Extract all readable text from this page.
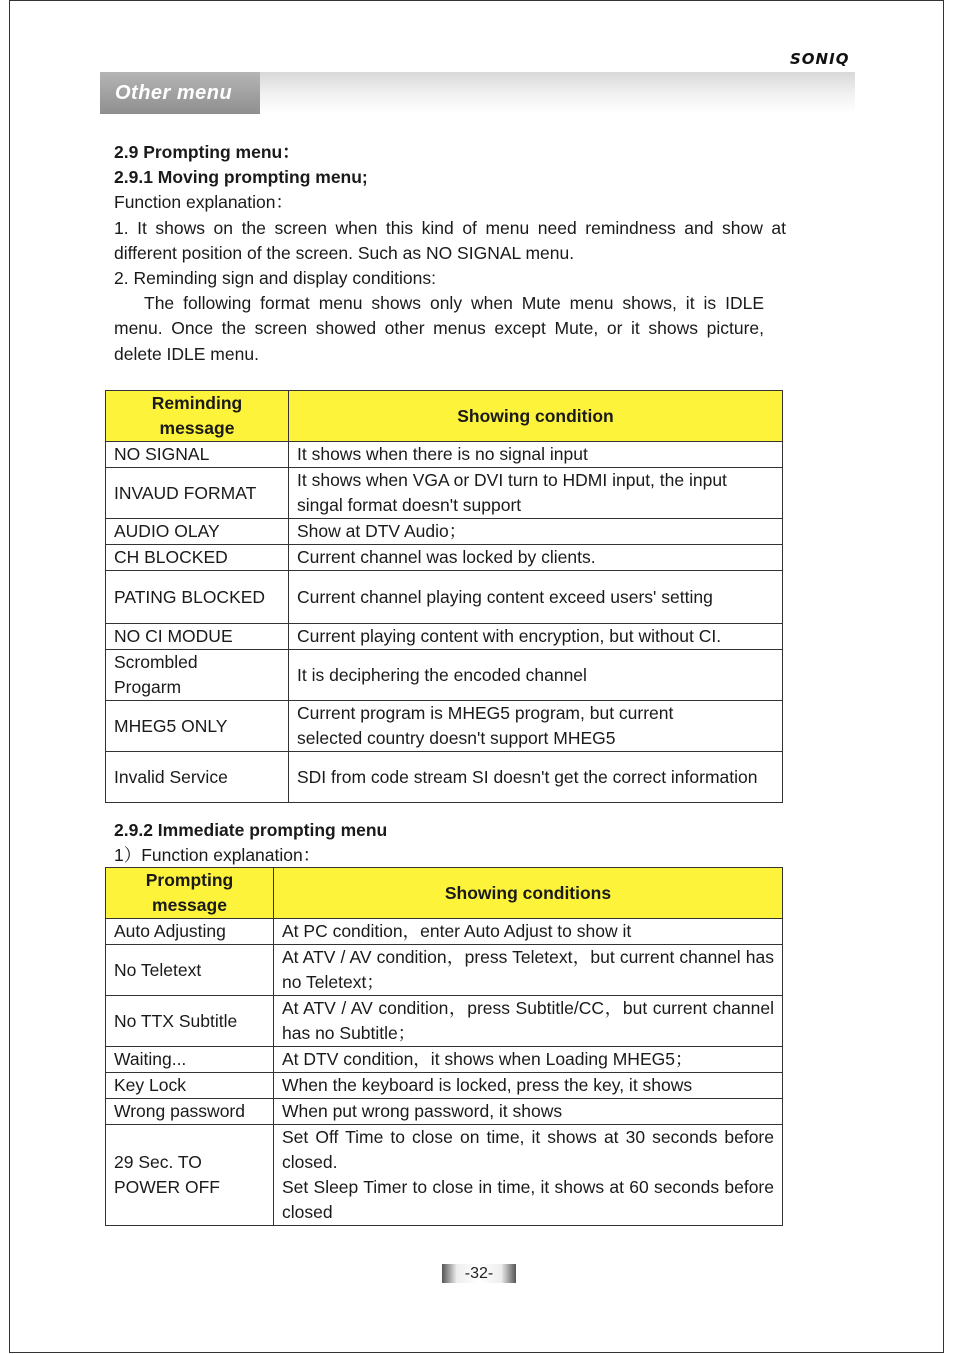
SONIQ
Other menu
2.9 Prompting menu：
2.9.1 Moving prompting menu;
Function explanation：
1. It shows on the screen when this kind of menu need remindness and show at different position of the screen. Such as NO SIGNAL menu.
2. Reminding sign and display conditions:
The following format menu shows only when Mute menu shows, it is IDLE menu. Once the screen showed other menus except Mute, or it shows picture, delete IDLE menu.
Reminding message	Showing condition
NO SIGNAL	It shows when there is no signal input
INVAUD FORMAT	It shows when VGA or DVI turn to HDMI input, the input singal format doesn't support
AUDIO OLAY	Show at DTV Audio；
CH BLOCKED	Current channel was locked by clients.
PATING BLOCKED	Current channel playing content exceed users' setting
NO CI MODUE	Current playing content with encryption, but without CI.

Scrombled Progarm	It is deciphering the encoded channel
MHEG5 ONLY	Current program is MHEG5 program, but current selected country doesn't support MHEG5

Invalid Service	SDI from code stream SI doesn't get the correct information
2.9.2 Immediate prompting menu
1）Function explanation：
Prompting message	Showing conditions
Auto Adjusting	At PC condition，enter Auto Adjust to show it
No Teletext	At ATV / AV condition，press Teletext，but current channel has no Teletext；
No TTX Subtitle	At ATV / AV condition，press Subtitle/CC，but current channel has no Subtitle；
Waiting...	At DTV condition，it shows when Loading MHEG5；
Key Lock	When the keyboard is locked, press the key, it shows
Wrong password	When put wrong password, it shows

29 Sec. TO POWER OFF	Set Off Time to close on time, it shows at 30 seconds before closed.
Set Sleep Timer to close in time, it shows at 60 seconds before closed
-32-
